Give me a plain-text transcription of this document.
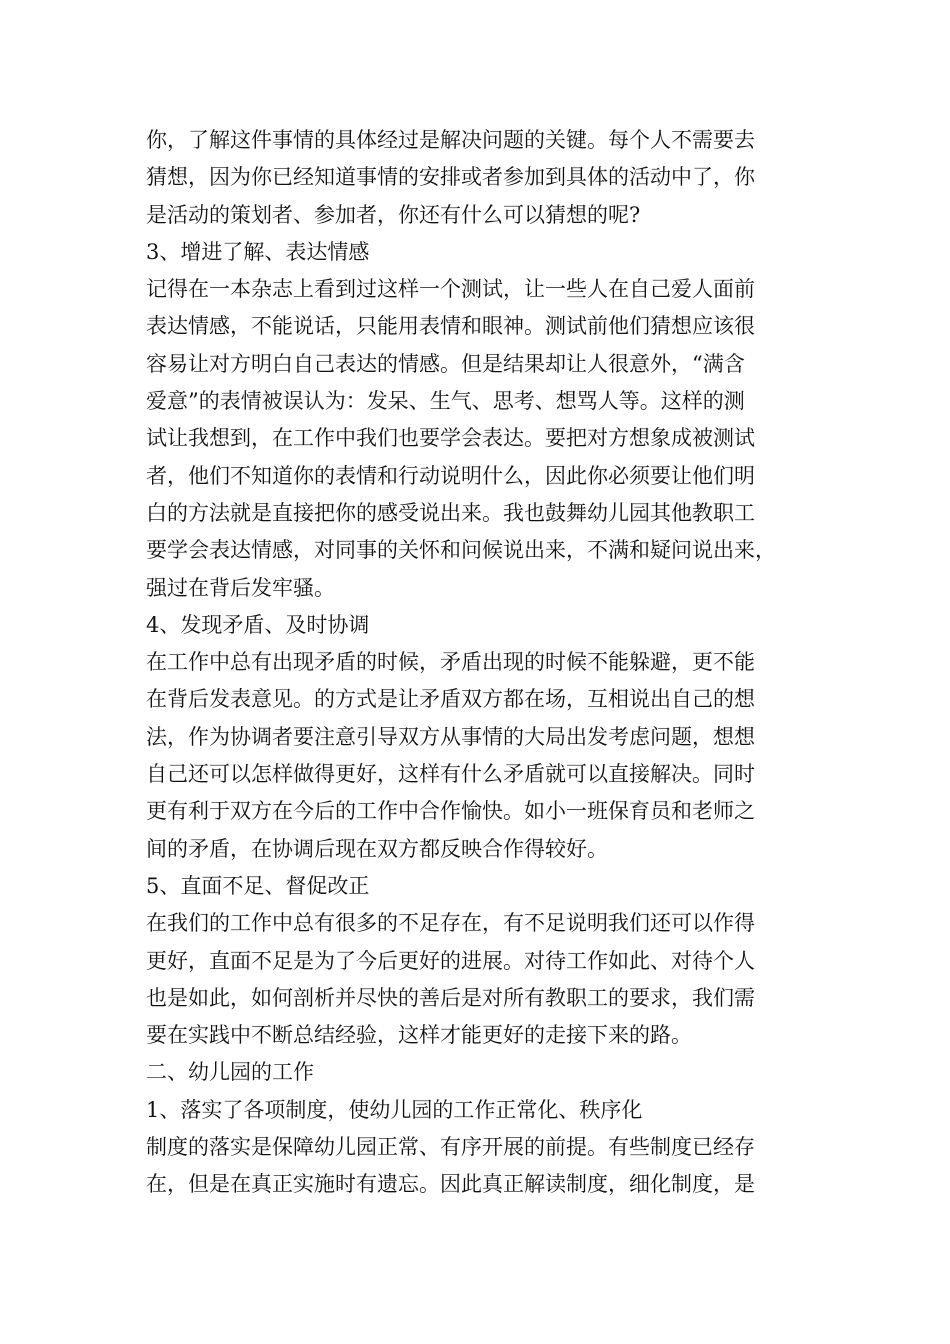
你，了解这件事情的具体经过是解决问题的关键。每个人不需要去
猜想，因为你已经知道事情的安排或者参加到具体的活动中了，你
是活动的策划者、参加者，你还有什么可以猜想的呢?
3、增进了解、表达情感
记得在一本杂志上看到过这样一个测试，让一些人在自己爱人面前
表达情感，不能说话，只能用表情和眼神。测试前他们猜想应该很
容易让对方明白自己表达的情感。但是结果却让人很意外，“满含
爱意”的表情被误认为：发呆、生气、思考、想骂人等。这样的测
试让我想到，在工作中我们也要学会表达。要把对方想象成被测试
者，他们不知道你的表情和行动说明什么，因此你必须要让他们明
白的方法就是直接把你的感受说出来。我也鼓舞幼儿园其他教职工
要学会表达情感，对同事的关怀和问候说出来，不满和疑问说出来，
强过在背后发牢骚。
4、发现矛盾、及时协调
在工作中总有出现矛盾的时候，矛盾出现的时候不能躲避，更不能
在背后发表意见。的方式是让矛盾双方都在场，互相说出自己的想
法，作为协调者要注意引导双方从事情的大局出发考虑问题，想想
自己还可以怎样做得更好，这样有什么矛盾就可以直接解决。同时
更有利于双方在今后的工作中合作愉快。如小一班保育员和老师之
间的矛盾，在协调后现在双方都反映合作得较好。
5、直面不足、督促改正
在我们的工作中总有很多的不足存在，有不足说明我们还可以作得
更好，直面不足是为了今后更好的进展。对待工作如此、对待个人
也是如此，如何剖析并尽快的善后是对所有教职工的要求，我们需
要在实践中不断总结经验，这样才能更好的走接下来的路。
二、幼儿园的工作
1、落实了各项制度，使幼儿园的工作正常化、秩序化
制度的落实是保障幼儿园正常、有序开展的前提。有些制度已经存
在，但是在真正实施时有遗忘。因此真正解读制度，细化制度，是
